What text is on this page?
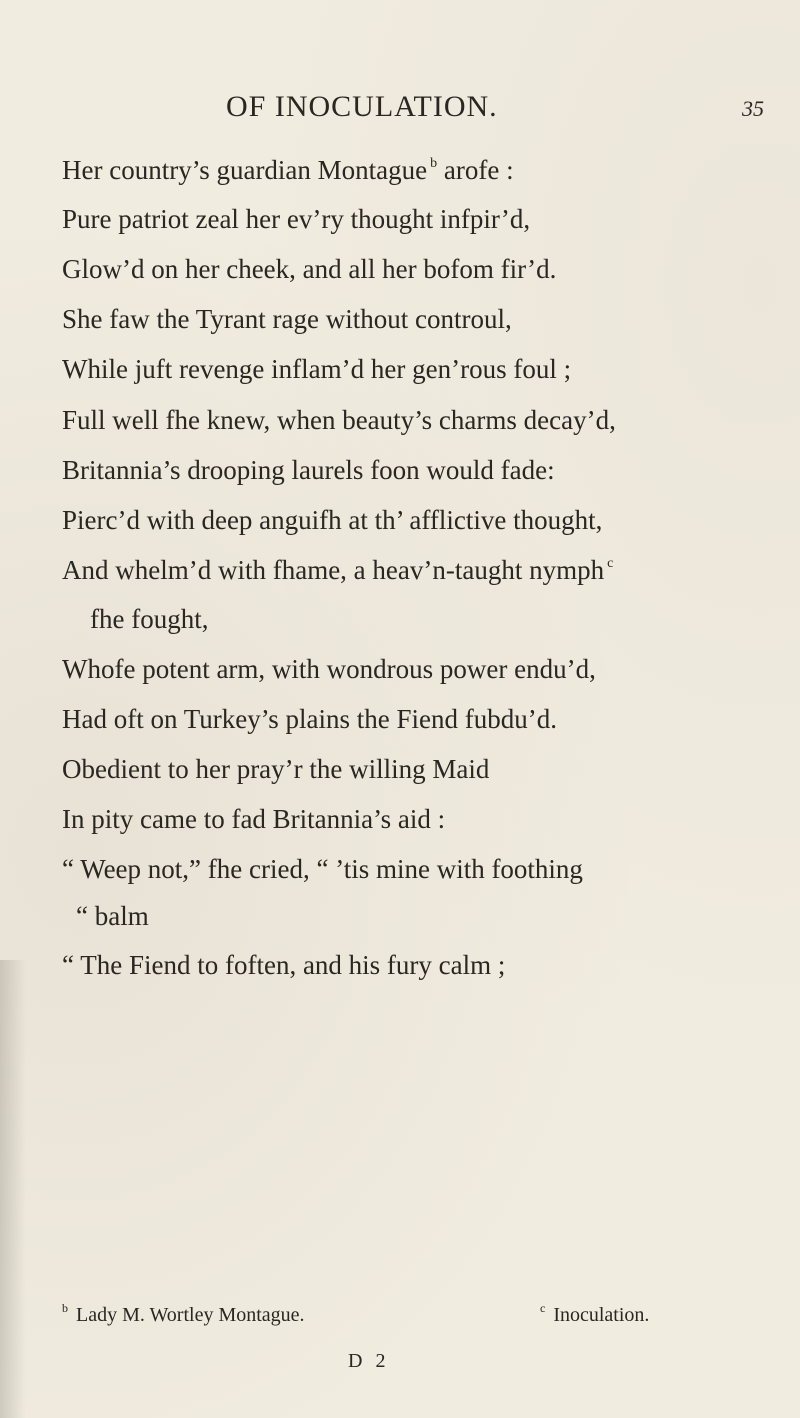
OF INOCULATION.	35
Her country’s guardian Montague $^b$ arofe :
Pure patriot zeal her ev’ry thought infpir’d,
Glow’d on her cheek, and all her bofom fir’d.
She faw the Tyrant rage without controul,
While juft revenge inflam’d her gen’rous foul ;
Full well fhe knew, when beauty’s charms decay’d,
Britannia’s drooping laurels foon would fade:
Pierc’d with deep anguifh at th’ afflictive thought,
And whelm’d with fhame, a heav’n-taught nymph $^c$
fhe fought,
Whofe potent arm, with wondrous power endu’d,
Had oft on Turkey’s plains the Fiend fubdu’d.
Obedient to her pray’r the willing Maid
In pity came to fad Britannia’s aid :
“ Weep not,” fhe cried, “ ’tis mine with foothing
“ balm
“ The Fiend to foften, and his fury calm ;
$^b$ Lady M. Wortley Montague.	$^c$ Inoculation.
D 2
